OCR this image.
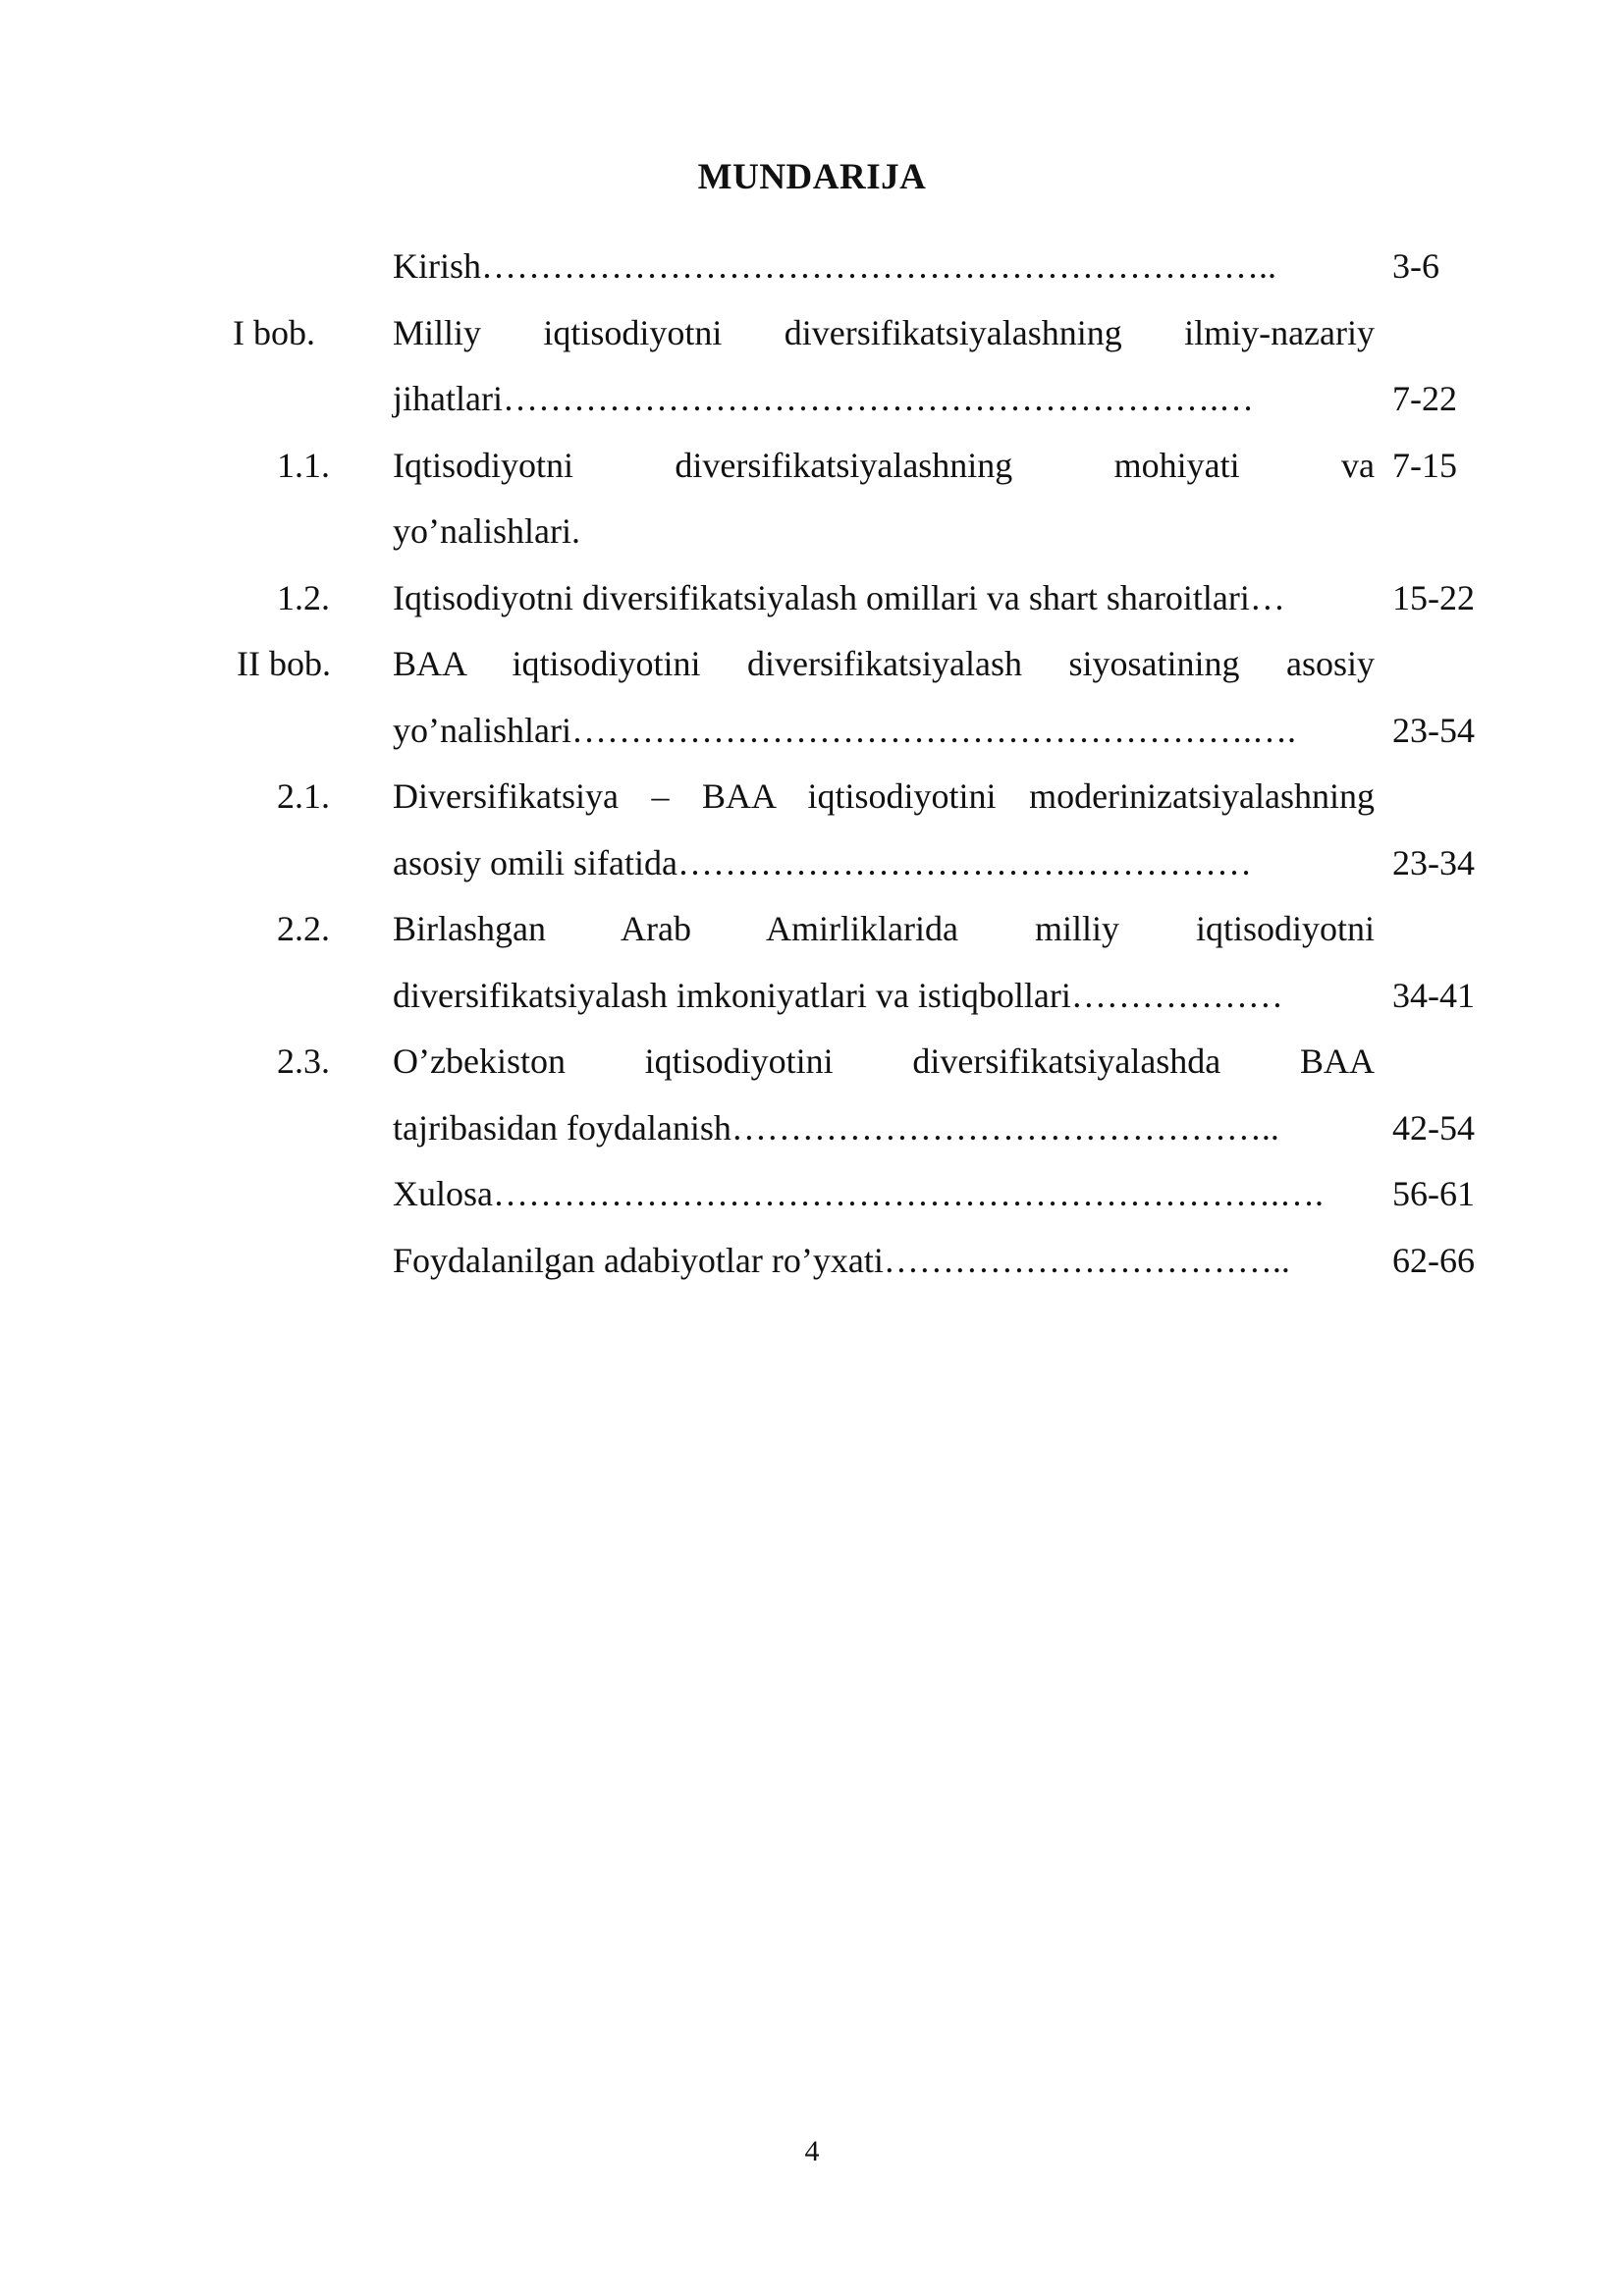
MUNDARIJA
Kirish…………………………………………………………..	3-6
I bob. Milliy iqtisodiyotni diversifikatsiyalashning ilmiy-nazariy
jihatlari…………………………………………………….…	7-22
1.1. Iqtisodiyotni diversifikatsiyalashning mohiyati va 7-15
yo’nalishlari.
1.2. Iqtisodiyotni diversifikatsiyalash omillari va shart sharoitlari…	15-22
II bob. BAA iqtisodiyotini diversifikatsiyalash siyosatining asosiy
yo’nalishlari………………………………………………….….	23-54
2.1. Diversifikatsiya – BAA iqtisodiyotini moderinizatsiyalashning
asosiy omili sifatida…………………………….……………	23-34
2.2. Birlashgan Arab Amirliklarida milliy iqtisodiyotni
diversifikatsiyalash imkoniyatlari va istiqbollari………………	34-41
2.3. O’zbekiston iqtisodiyotini diversifikatsiyalashda BAA
tajribasidan foydalanish………………………………………..	42-54
Xulosa………………………………………………………….….	56-61
Foydalanilgan adabiyotlar ro’yxati……………………………..	62-66
4
